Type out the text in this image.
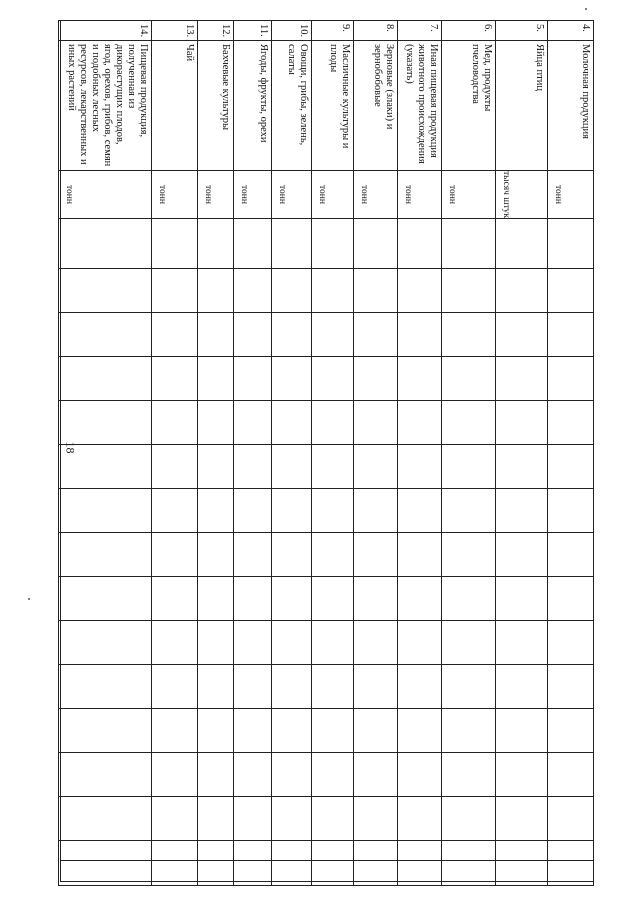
18
4.	Молочная продукция	тонн															
5.	Яйца птиц	тысяч штук															
6.	Мед, продукты пчеловодства	тонн															
7.	Иная пищевая продукция животного происхождения (указать)	тонн															
8.	Зерновые (злаки) и зернобобовые	тонн															
9.	Масличные культуры и плоды	тонн															
10.	Овощи, грибы, зелень, салаты	тонн															
11.	Ягоды, фрукты, орехи	тонн															
12.	Бахчевые культуры	тонн															
13.	Чай	тонн															
14.	Пищевая продукция, полученная из дикорастущих плодов, ягод, орехов, грибов, семян и подобных лесных ресурсов, лекарственных и иных растений	тонн															
